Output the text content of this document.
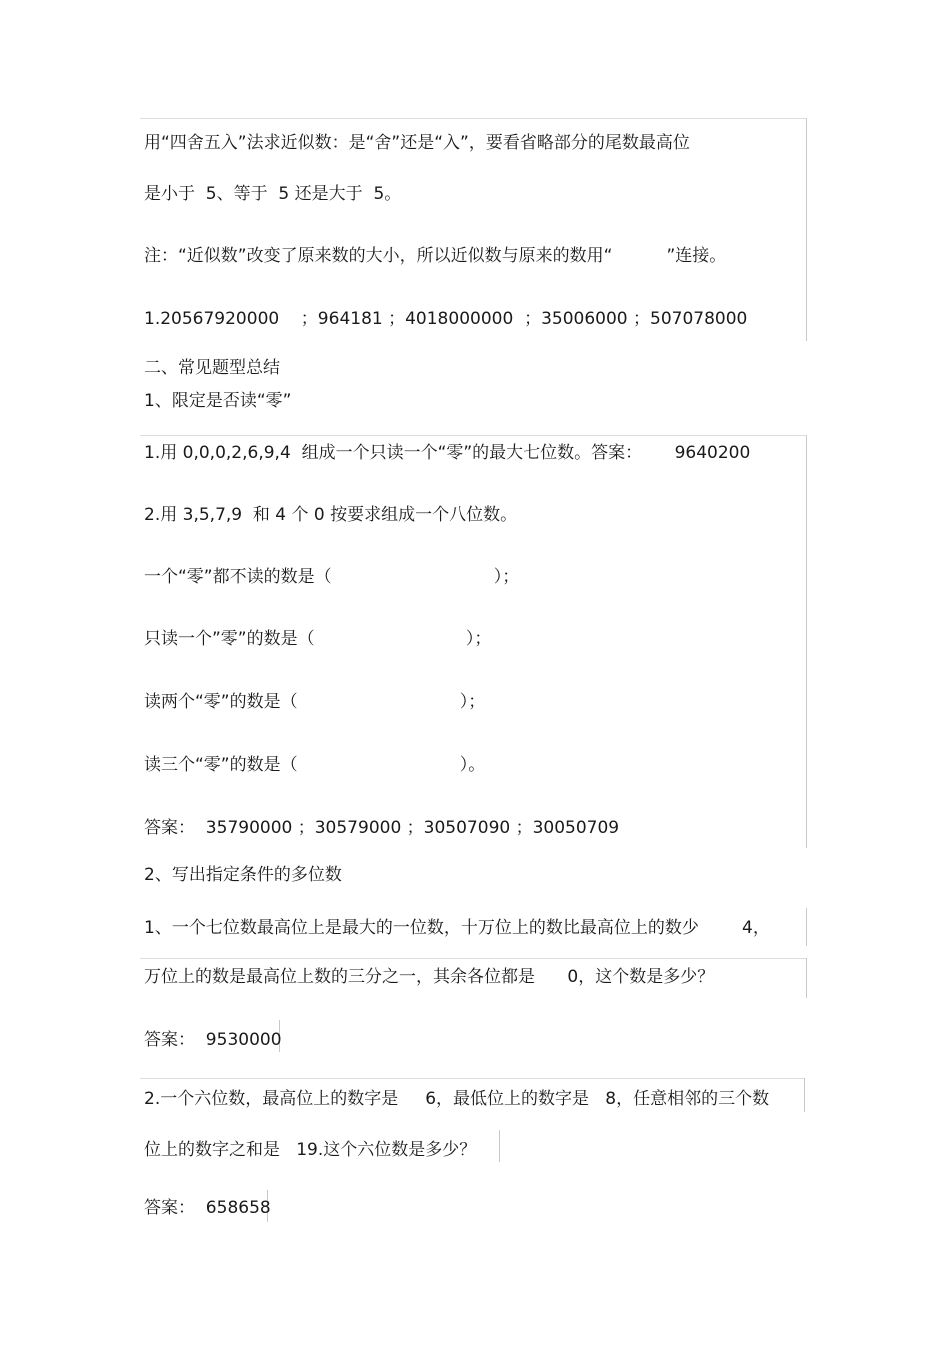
用“四舍五入”法求近似数：是“舍”还是“入”，要看省略部分的尾数最高位

是小于  5、等于  5 还是大于  5。

注：“近似数”改变了原来数的大小，所以近似数与原来的数用“          ”连接。

1.20567920000    ；964181 ；4018000000  ；35006000 ；507078000

二、常见题型总结

1、限定是否读“零”

1.用 0,0,0,2,6,9,4  组成一个只读一个“零”的最大七位数。答案：      9640200

2.用 3,5,7,9  和 4 个 0 按要求组成一个八位数。

一个“零”都不读的数是（                              ）；

只读一个”零”的数是（                            ）；

读两个“零”的数是（                              ）；

读三个“零”的数是（                              ）。

答案：  35790000 ；30579000 ；30507090 ；30050709

2、写出指定条件的多位数

1、一个七位数最高位上是最大的一位数，十万位上的数比最高位上的数少        4，

万位上的数是最高位上数的三分之一，其余各位都是      0，这个数是多少？

答案：  9530000

2.一个六位数，最高位上的数字是     6，最低位上的数字是   8，任意相邻的三个数

位上的数字之和是   19.这个六位数是多少？

答案：  658658
